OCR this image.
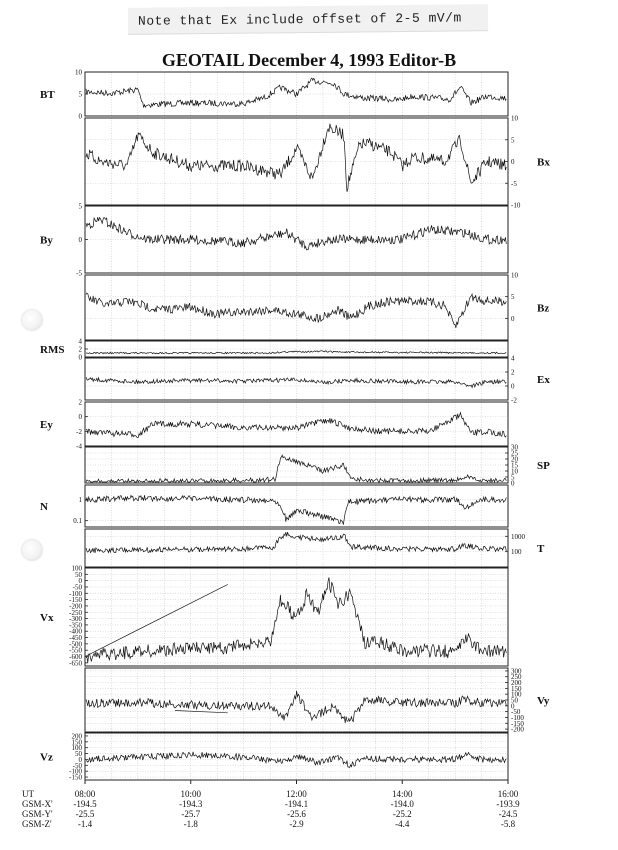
Note that Ex include offset of 2-5 mV/m
GEOTAIL December 4, 1993 Editor-B
0
5
10
BT
-10
-5
0
5
10
Bx
-5
0
5
By
0
5
10
Bz
0
2
4
RMS
-2
0
2
4
Ex
-4
-2
0
2
Ey
0
5
10
15
20
25
30
SP
0.1
1
N
100
1000
T
-650
-600
-550
-500
-450
-400
-350
-300
-250
-200
-150
-100
-50
0
50
100
Vx
-200
-150
-100
-50
0
50
100
150
200
250
300
Vy
-150
-100
-50
0
50
100
150
200
Vz
UT	08:00	10:00	12:00	14:00	16:00
GSM-X' -194.5	-194.3	-194.1	-194.0	-193.9
GSM-Y'	-25.5	-25.7	-25.6	-25.2	-24.5
GSM-Z'	-1.4	-1.8	-2.9	-4.4	-5.8
